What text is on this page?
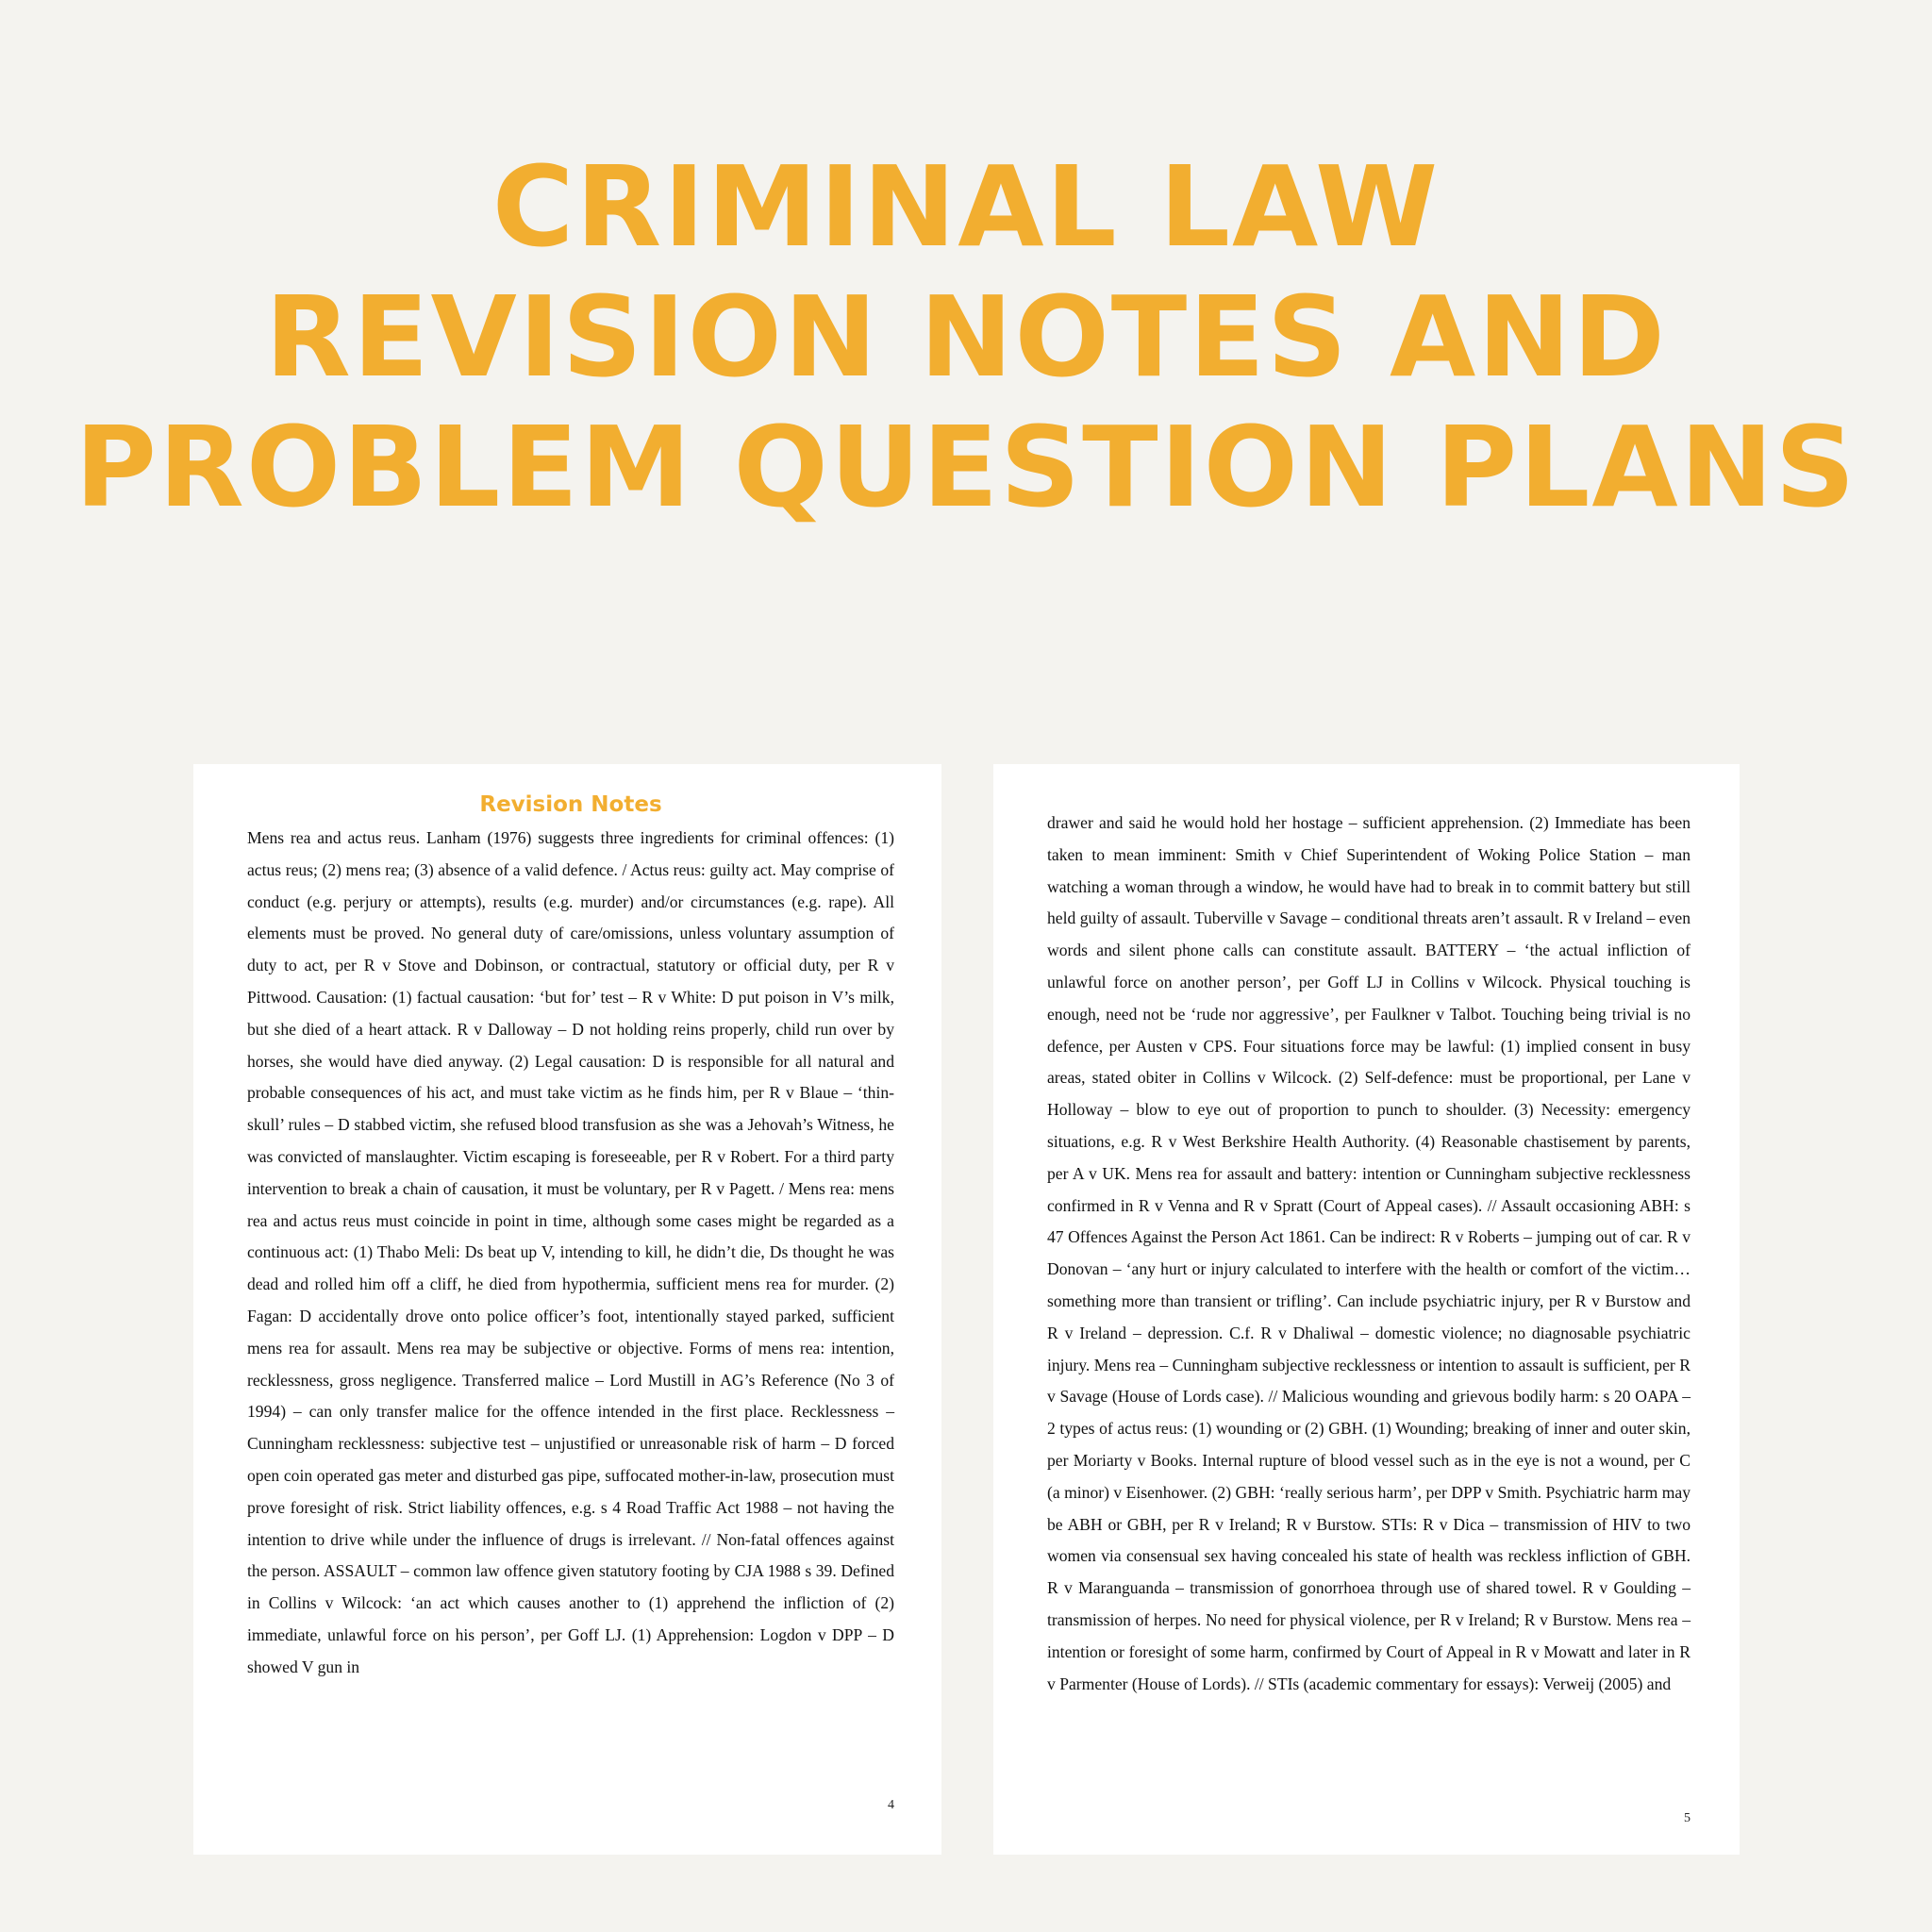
CRIMINAL LAW
REVISION NOTES AND
PROBLEM QUESTION PLANS
Revision Notes

Mens rea and actus reus. Lanham (1976) suggests three ingredients for criminal offences: (1) actus reus; (2) mens rea; (3) absence of a valid defence. / Actus reus: guilty act. May comprise of conduct (e.g. perjury or attempts), results (e.g. murder) and/or circumstances (e.g. rape). All elements must be proved. No general duty of care/omissions, unless voluntary assumption of duty to act, per R v Stove and Dobinson, or contractual, statutory or official duty, per R v Pittwood. Causation: (1) factual causation: ‘but for’ test – R v White: D put poison in V’s milk, but she died of a heart attack. R v Dalloway – D not holding reins properly, child run over by horses, she would have died anyway. (2) Legal causation: D is responsible for all natural and probable consequences of his act, and must take victim as he finds him, per R v Blaue – ‘thin-skull’ rules – D stabbed victim, she refused blood transfusion as she was a Jehovah’s Witness, he was convicted of manslaughter. Victim escaping is foreseeable, per R v Robert. For a third party intervention to break a chain of causation, it must be voluntary, per R v Pagett. / Mens rea: mens rea and actus reus must coincide in point in time, although some cases might be regarded as a continuous act: (1) Thabo Meli: Ds beat up V, intending to kill, he didn’t die, Ds thought he was dead and rolled him off a cliff, he died from hypothermia, sufficient mens rea for murder. (2) Fagan: D accidentally drove onto police officer’s foot, intentionally stayed parked, sufficient mens rea for assault. Mens rea may be subjective or objective. Forms of mens rea: intention, recklessness, gross negligence. Transferred malice – Lord Mustill in AG’s Reference (No 3 of 1994) – can only transfer malice for the offence intended in the first place. Recklessness – Cunningham recklessness: subjective test – unjustified or unreasonable risk of harm – D forced open coin operated gas meter and disturbed gas pipe, suffocated mother-in-law, prosecution must prove foresight of risk. Strict liability offences, e.g. s 4 Road Traffic Act 1988 – not having the intention to drive while under the influence of drugs is irrelevant. // Non-fatal offences against the person. ASSAULT – common law offence given statutory footing by CJA 1988 s 39. Defined in Collins v Wilcock: ‘an act which causes another to (1) apprehend the infliction of (2) immediate, unlawful force on his person’, per Goff LJ. (1) Apprehension: Logdon v DPP – D showed V gun in

4

drawer and said he would hold her hostage – sufficient apprehension. (2) Immediate has been taken to mean imminent: Smith v Chief Superintendent of Woking Police Station – man watching a woman through a window, he would have had to break in to commit battery but still held guilty of assault. Tuberville v Savage – conditional threats aren’t assault. R v Ireland – even words and silent phone calls can constitute assault. BATTERY – ‘the actual infliction of unlawful force on another person’, per Goff LJ in Collins v Wilcock. Physical touching is enough, need not be ‘rude nor aggressive’, per Faulkner v Talbot. Touching being trivial is no defence, per Austen v CPS. Four situations force may be lawful: (1) implied consent in busy areas, stated obiter in Collins v Wilcock. (2) Self-defence: must be proportional, per Lane v Holloway – blow to eye out of proportion to punch to shoulder. (3) Necessity: emergency situations, e.g. R v West Berkshire Health Authority. (4) Reasonable chastisement by parents, per A v UK. Mens rea for assault and battery: intention or Cunningham subjective recklessness confirmed in R v Venna and R v Spratt (Court of Appeal cases). // Assault occasioning ABH: s 47 Offences Against the Person Act 1861. Can be indirect: R v Roberts – jumping out of car. R v Donovan – ‘any hurt or injury calculated to interfere with the health or comfort of the victim…something more than transient or trifling’. Can include psychiatric injury, per R v Burstow and R v Ireland – depression. C.f. R v Dhaliwal – domestic violence; no diagnosable psychiatric injury. Mens rea – Cunningham subjective recklessness or intention to assault is sufficient, per R v Savage (House of Lords case). // Malicious wounding and grievous bodily harm: s 20 OAPA – 2 types of actus reus: (1) wounding or (2) GBH. (1) Wounding; breaking of inner and outer skin, per Moriarty v Books. Internal rupture of blood vessel such as in the eye is not a wound, per C (a minor) v Eisenhower. (2) GBH: ‘really serious harm’, per DPP v Smith. Psychiatric harm may be ABH or GBH, per R v Ireland; R v Burstow. STIs: R v Dica – transmission of HIV to two women via consensual sex having concealed his state of health was reckless infliction of GBH. R v Maranguanda – transmission of gonorrhoea through use of shared towel. R v Goulding – transmission of herpes. No need for physical violence, per R v Ireland; R v Burstow. Mens rea – intention or foresight of some harm, confirmed by Court of Appeal in R v Mowatt and later in R v Parmenter (House of Lords). // STIs (academic commentary for essays): Verweij (2005) and

5
